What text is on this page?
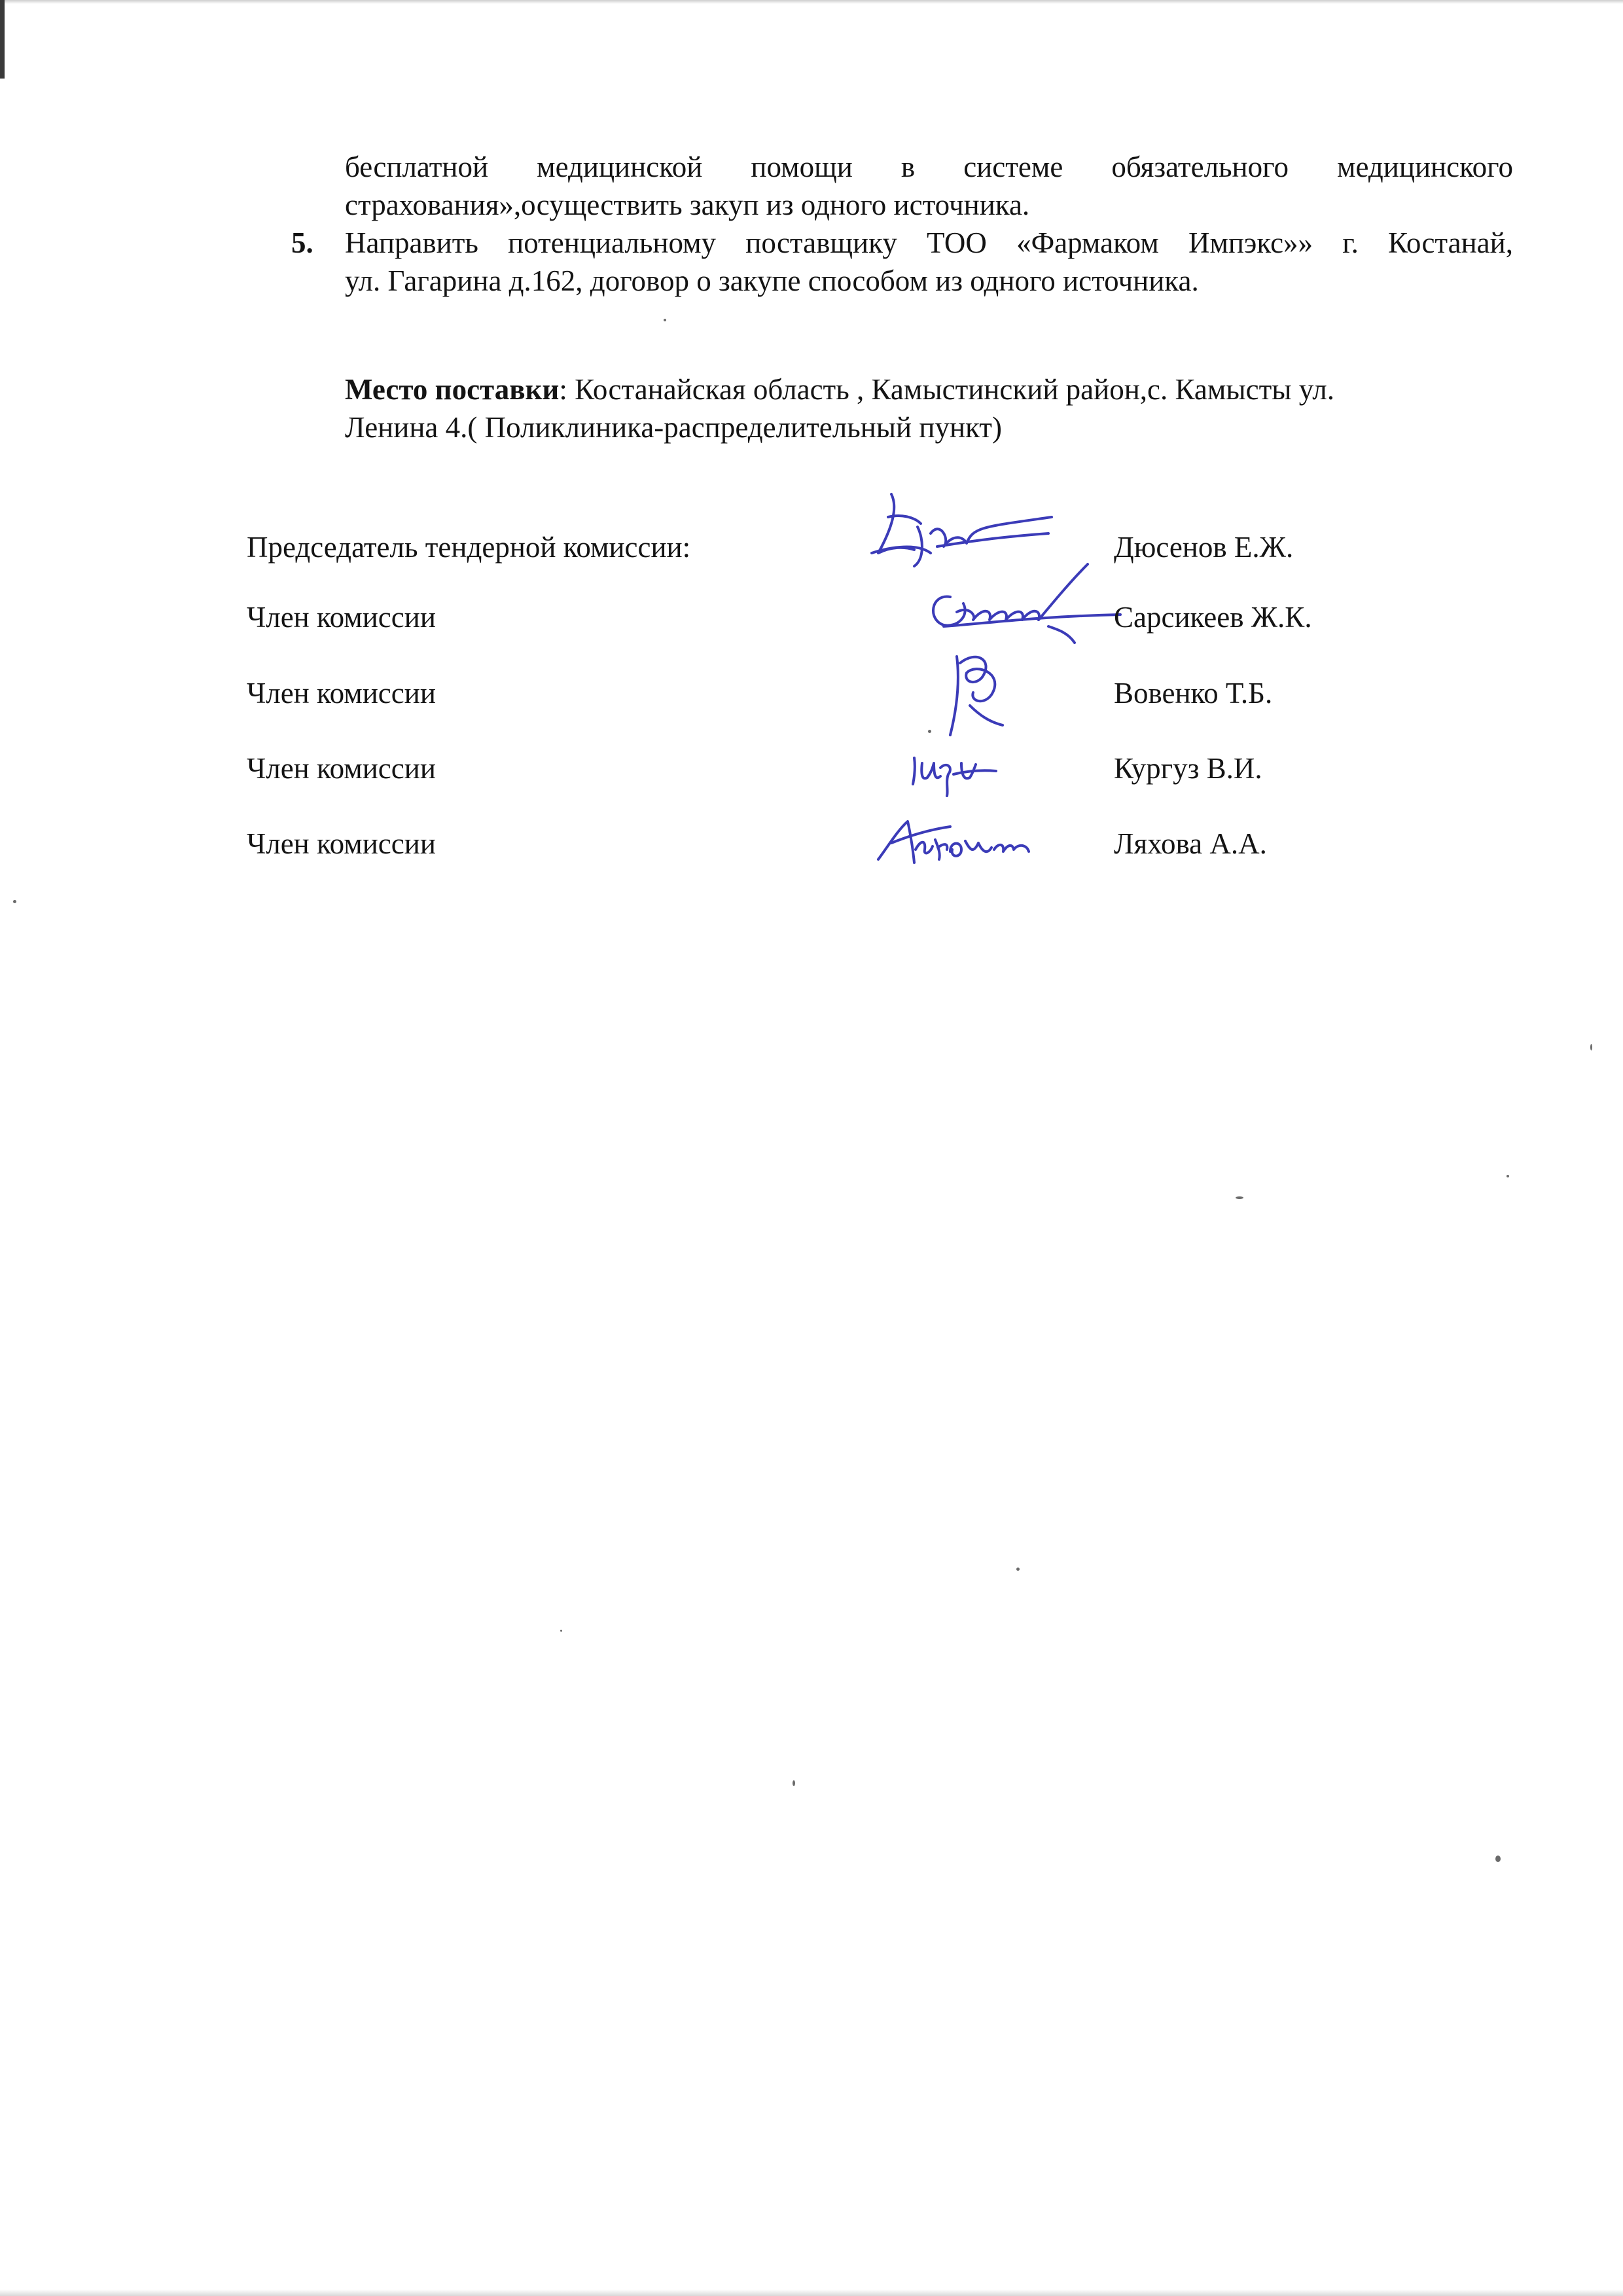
бесплатной медицинской помощи в системе обязательного медицинского
страхования»,осуществить закуп из одного источника.
5. Направить потенциальному поставщику ТОО «Фармаком Импэкс»» г. Костанай,
ул. Гагарина д.162, договор о закупе способом из одного источника.
Место поставки: Костанайская область , Камыстинский район,с. Камысты ул.
Ленина 4.( Поликлиника-распределительный пункт)
Председатель тендерной комиссии:	Дюсенов Е.Ж.
Член комиссии	Сарсикеев Ж.К.
Член комиссии	Вовенко Т.Б.
Член комиссии	Кургуз В.И.
Член комиссии	Ляхова А.А.
